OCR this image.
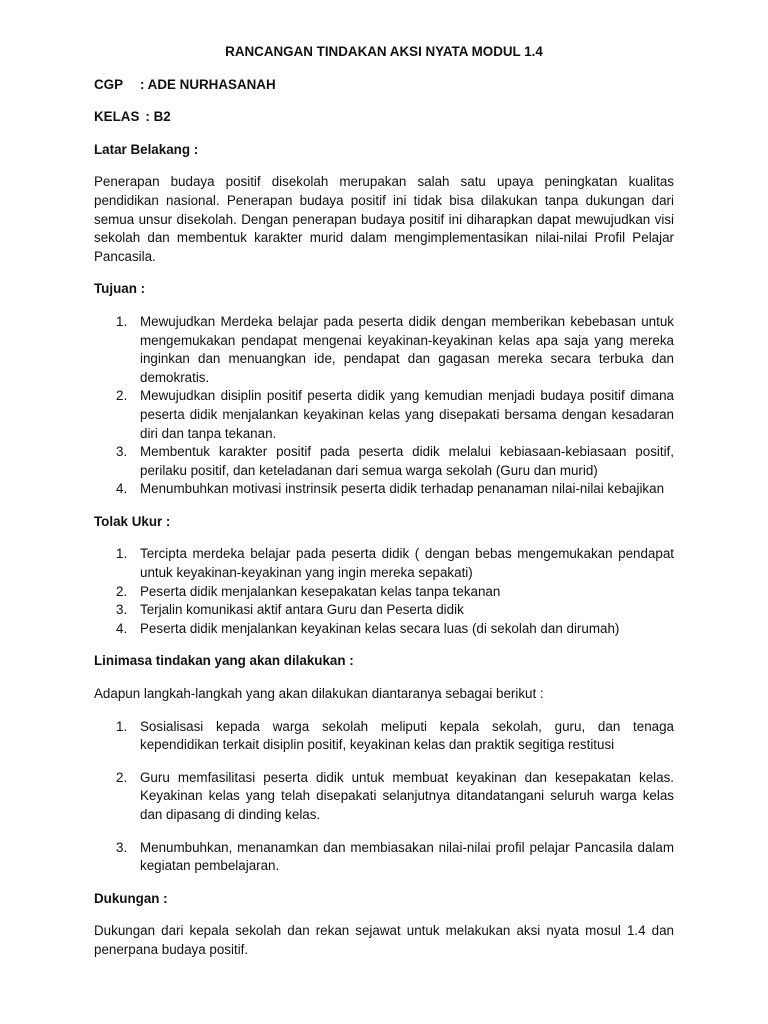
RANCANGAN TINDAKAN AKSI NYATA MODUL 1.4
CGP	: ADE NURHASANAH
KELAS : B2
Latar Belakang :
Penerapan budaya positif disekolah merupakan salah satu upaya peningkatan kualitas pendidikan nasional. Penerapan budaya positif ini tidak bisa dilakukan tanpa dukungan dari semua unsur disekolah. Dengan penerapan budaya positif ini diharapkan dapat mewujudkan visi sekolah dan membentuk karakter murid dalam mengimplementasikan nilai-nilai Profil Pelajar Pancasila.
Tujuan :
1. Mewujudkan Merdeka belajar pada peserta didik dengan memberikan kebebasan untuk mengemukakan pendapat mengenai keyakinan-keyakinan kelas apa saja yang mereka inginkan dan menuangkan ide, pendapat dan gagasan mereka secara terbuka dan demokratis.
2. Mewujudkan disiplin positif peserta didik yang kemudian menjadi budaya positif dimana peserta didik menjalankan keyakinan kelas yang disepakati bersama dengan kesadaran diri dan tanpa tekanan.
3. Membentuk karakter positif pada peserta didik melalui kebiasaan-kebiasaan positif, perilaku positif, dan keteladanan dari semua warga sekolah (Guru dan murid)
4. Menumbuhkan motivasi instrinsik peserta didik terhadap penanaman nilai-nilai kebajikan
Tolak Ukur :
1. Tercipta merdeka belajar pada peserta didik ( dengan bebas mengemukakan pendapat untuk keyakinan-keyakinan yang ingin mereka sepakati)
2. Peserta didik menjalankan kesepakatan kelas tanpa tekanan
3. Terjalin komunikasi aktif antara Guru dan Peserta didik
4. Peserta didik menjalankan keyakinan kelas secara luas (di sekolah dan dirumah)
Linimasa tindakan yang akan dilakukan :
Adapun langkah-langkah yang akan dilakukan diantaranya sebagai berikut :
1. Sosialisasi kepada warga sekolah meliputi kepala sekolah, guru, dan tenaga kependidikan terkait disiplin positif, keyakinan kelas dan praktik segitiga restitusi
2. Guru memfasilitasi peserta didik untuk membuat keyakinan dan kesepakatan kelas. Keyakinan kelas yang telah disepakati selanjutnya ditandatangani seluruh warga kelas dan dipasang di dinding kelas.
3. Menumbuhkan, menanamkan dan membiasakan nilai-nilai profil pelajar Pancasila dalam kegiatan pembelajaran.
Dukungan :
Dukungan dari kepala sekolah dan rekan sejawat untuk melakukan aksi nyata mosul 1.4 dan penerpana budaya positif.
